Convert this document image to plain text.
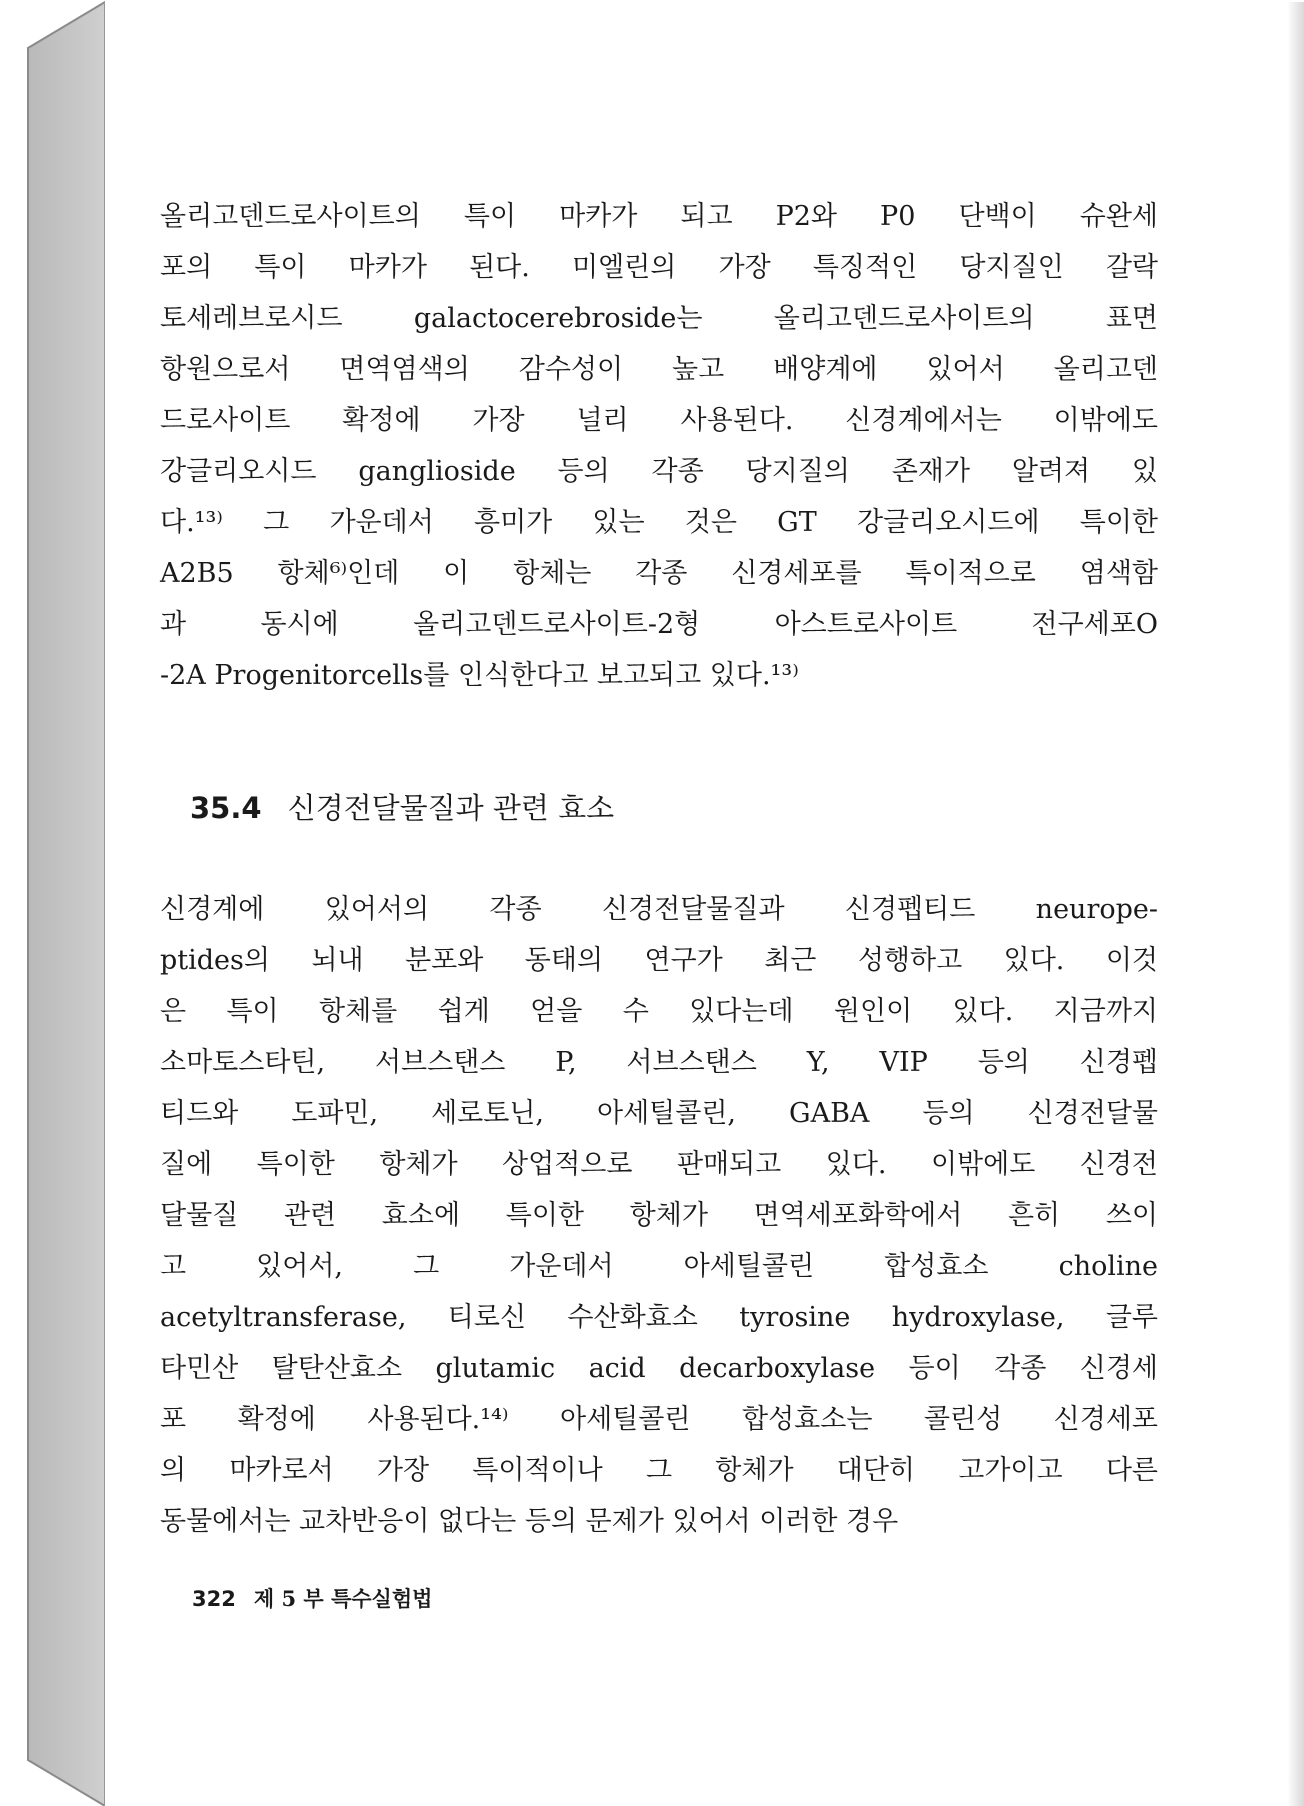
올리고덴드로사이트의 특이 마카가 되고 P2와 P0 단백이 슈완세
포의 특이 마카가 된다. 미엘린의 가장 특징적인 당지질인 갈락
토세레브로시드 galactocerebroside는 올리고덴드로사이트의 표면
항원으로서 면역염색의 감수성이 높고 배양계에 있어서 올리고덴
드로사이트 확정에 가장 널리 사용된다. 신경계에서는 이밖에도
강글리오시드 ganglioside 등의 각종 당지질의 존재가 알려져 있
다.¹³⁾ 그 가운데서 흥미가 있는 것은 GT 강글리오시드에 특이한
A2B5 항체⁶⁾인데 이 항체는 각종 신경세포를 특이적으로 염색함
과 동시에 올리고덴드로사이트-2형 아스트로사이트 전구세포O
-2A Progenitorcells를 인식한다고 보고되고 있다.¹³⁾
35.4 신경전달물질과 관련 효소
신경계에 있어서의 각종 신경전달물질과 신경펩티드 neurope-
ptides의 뇌내 분포와 동태의 연구가 최근 성행하고 있다. 이것
은 특이 항체를 쉽게 얻을 수 있다는데 원인이 있다. 지금까지
소마토스타틴, 서브스탠스 P, 서브스탠스 Y, VIP 등의 신경펩
티드와 도파민, 세로토닌, 아세틸콜린, GABA 등의 신경전달물
질에 특이한 항체가 상업적으로 판매되고 있다. 이밖에도 신경전
달물질 관련 효소에 특이한 항체가 면역세포화학에서 흔히 쓰이
고 있어서, 그 가운데서 아세틸콜린 합성효소 choline
acetyltransferase, 티로신 수산화효소 tyrosine hydroxylase, 글루
타민산 탈탄산효소 glutamic acid decarboxylase 등이 각종 신경세
포 확정에 사용된다.¹⁴⁾ 아세틸콜린 합성효소는 콜린성 신경세포
의 마카로서 가장 특이적이나 그 항체가 대단히 고가이고 다른
동물에서는 교차반응이 없다는 등의 문제가 있어서 이러한 경우
322 제 5 부 특수실험법
